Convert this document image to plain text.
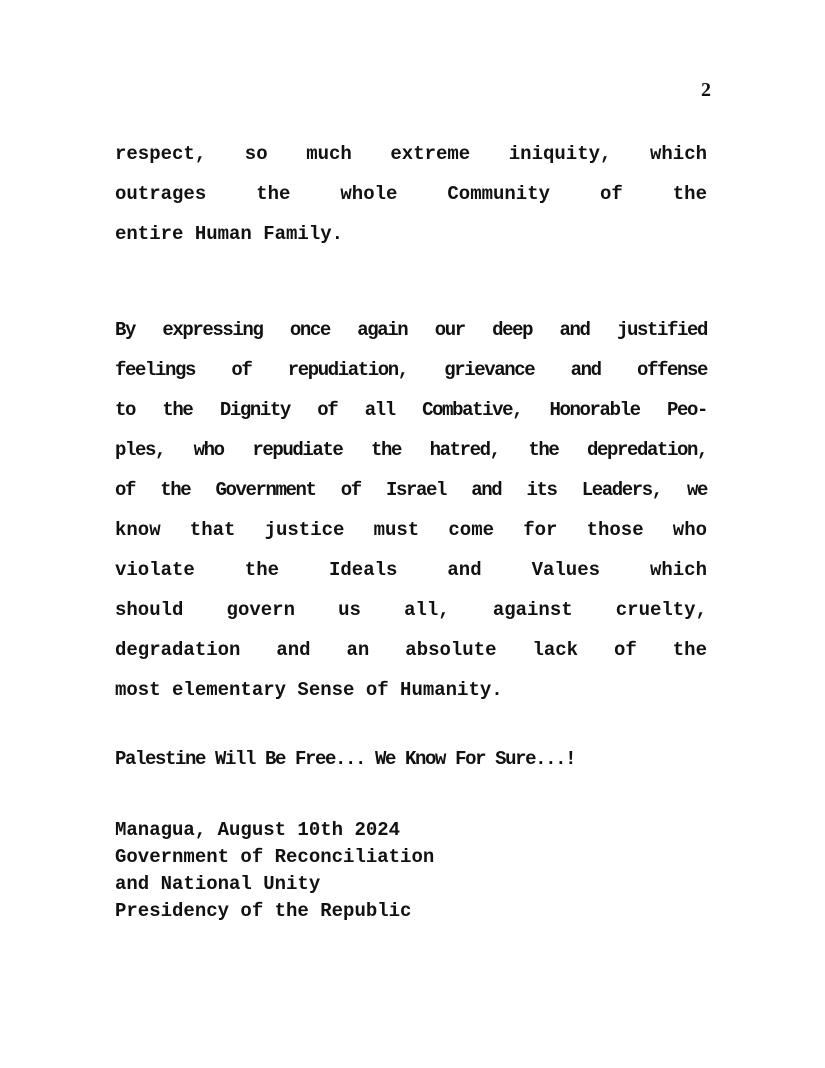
2
respect, so much extreme iniquity, which
outrages the whole Community of the
entire Human Family.
By expressing once again our deep and justified
feelings of repudiation, grievance and offense
to the Dignity of all Combative, Honorable Peo-
ples, who repudiate the hatred, the depredation,
of the Government of Israel and its Leaders, we
know that justice must come for those who
violate the Ideals and Values which
should govern us all, against cruelty,
degradation and an absolute lack of the
most elementary Sense of Humanity.
Palestine Will Be Free... We Know For Sure...!
Managua, August 10th 2024
Government of Reconciliation
and National Unity
Presidency of the Republic
